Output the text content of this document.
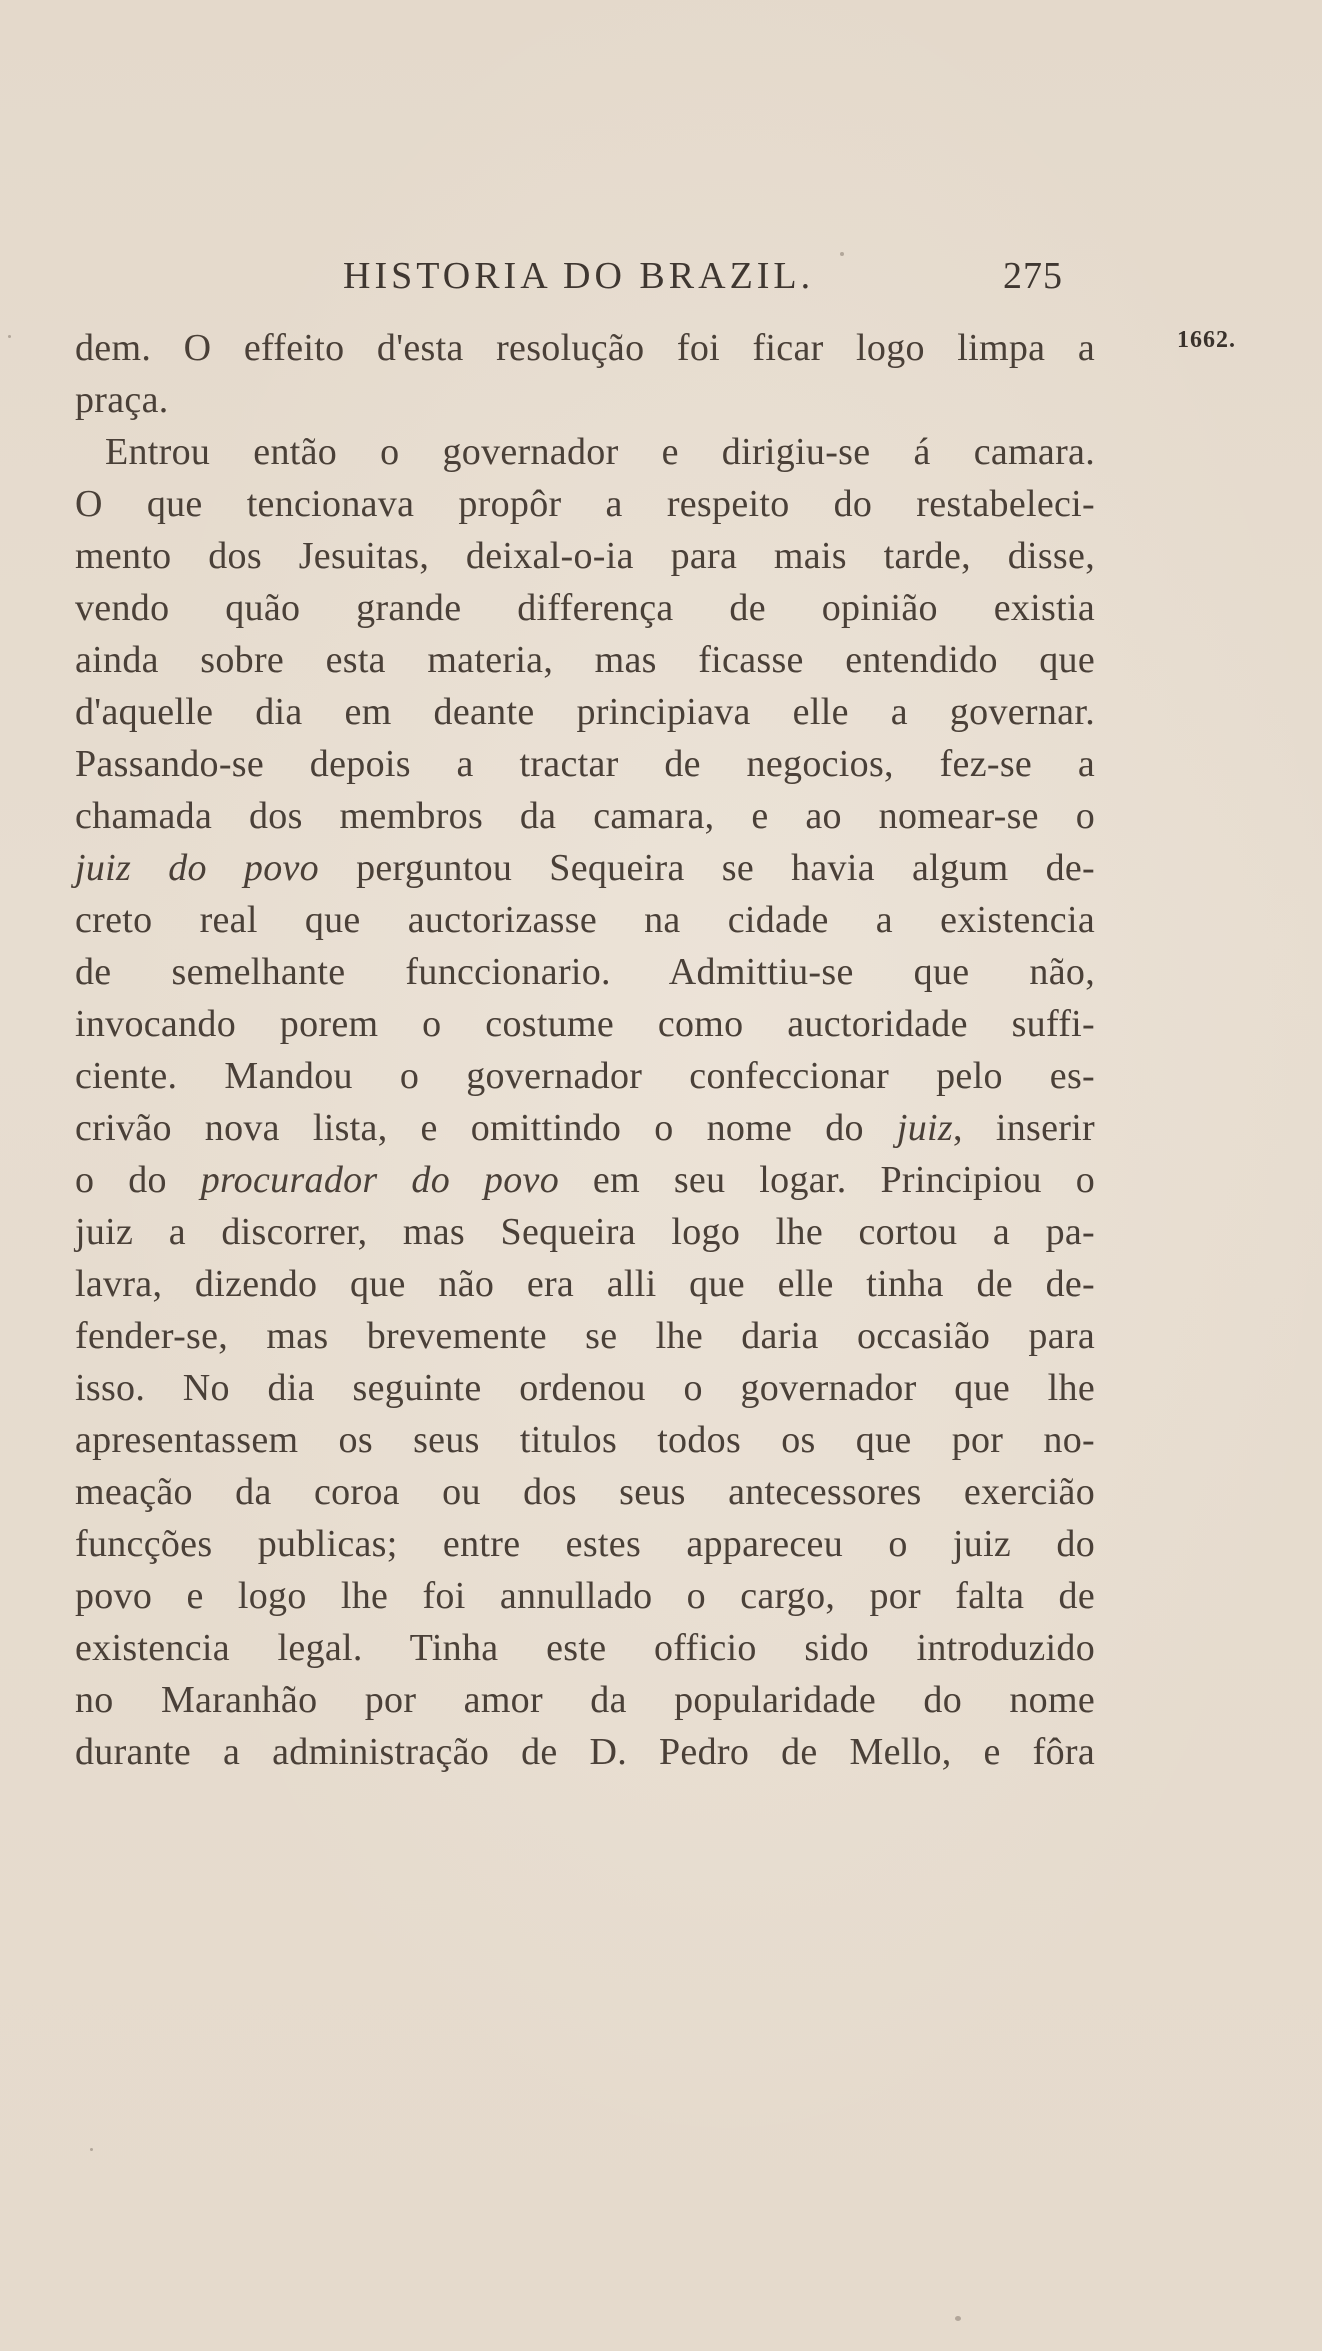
HISTORIA DO BRAZIL.	275
1662.
dem. O effeito d'esta resolução foi ficar logo limpa a
praça.
Entrou então o governador e dirigiu-se á camara.
O que tencionava propôr a respeito do restabeleci-
mento dos Jesuitas, deixal-o-ia para mais tarde, disse,
vendo quão grande differença de opinião existia
ainda sobre esta materia, mas ficasse entendido que
d'aquelle dia em deante principiava elle a governar.
Passando-se depois a tractar de negocios, fez-se a
chamada dos membros da camara, e ao nomear-se o
juiz do povo perguntou Sequeira se havia algum de-
creto real que auctorizasse na cidade a existencia
de semelhante funccionario. Admittiu-se que não,
invocando porem o costume como auctoridade suffi-
ciente. Mandou o governador confeccionar pelo es-
crivão nova lista, e omittindo o nome do juiz, inserir
o do procurador do povo em seu logar. Principiou o
juiz a discorrer, mas Sequeira logo lhe cortou a pa-
lavra, dizendo que não era alli que elle tinha de de-
fender-se, mas brevemente se lhe daria occasião para
isso. No dia seguinte ordenou o governador que lhe
apresentassem os seus titulos todos os que por no-
meação da coroa ou dos seus antecessores exercião
funcções publicas; entre estes appareceu o juiz do
povo e logo lhe foi annullado o cargo, por falta de
existencia legal. Tinha este officio sido introduzido
no Maranhão por amor da popularidade do nome
durante a administração de D. Pedro de Mello, e fôra
